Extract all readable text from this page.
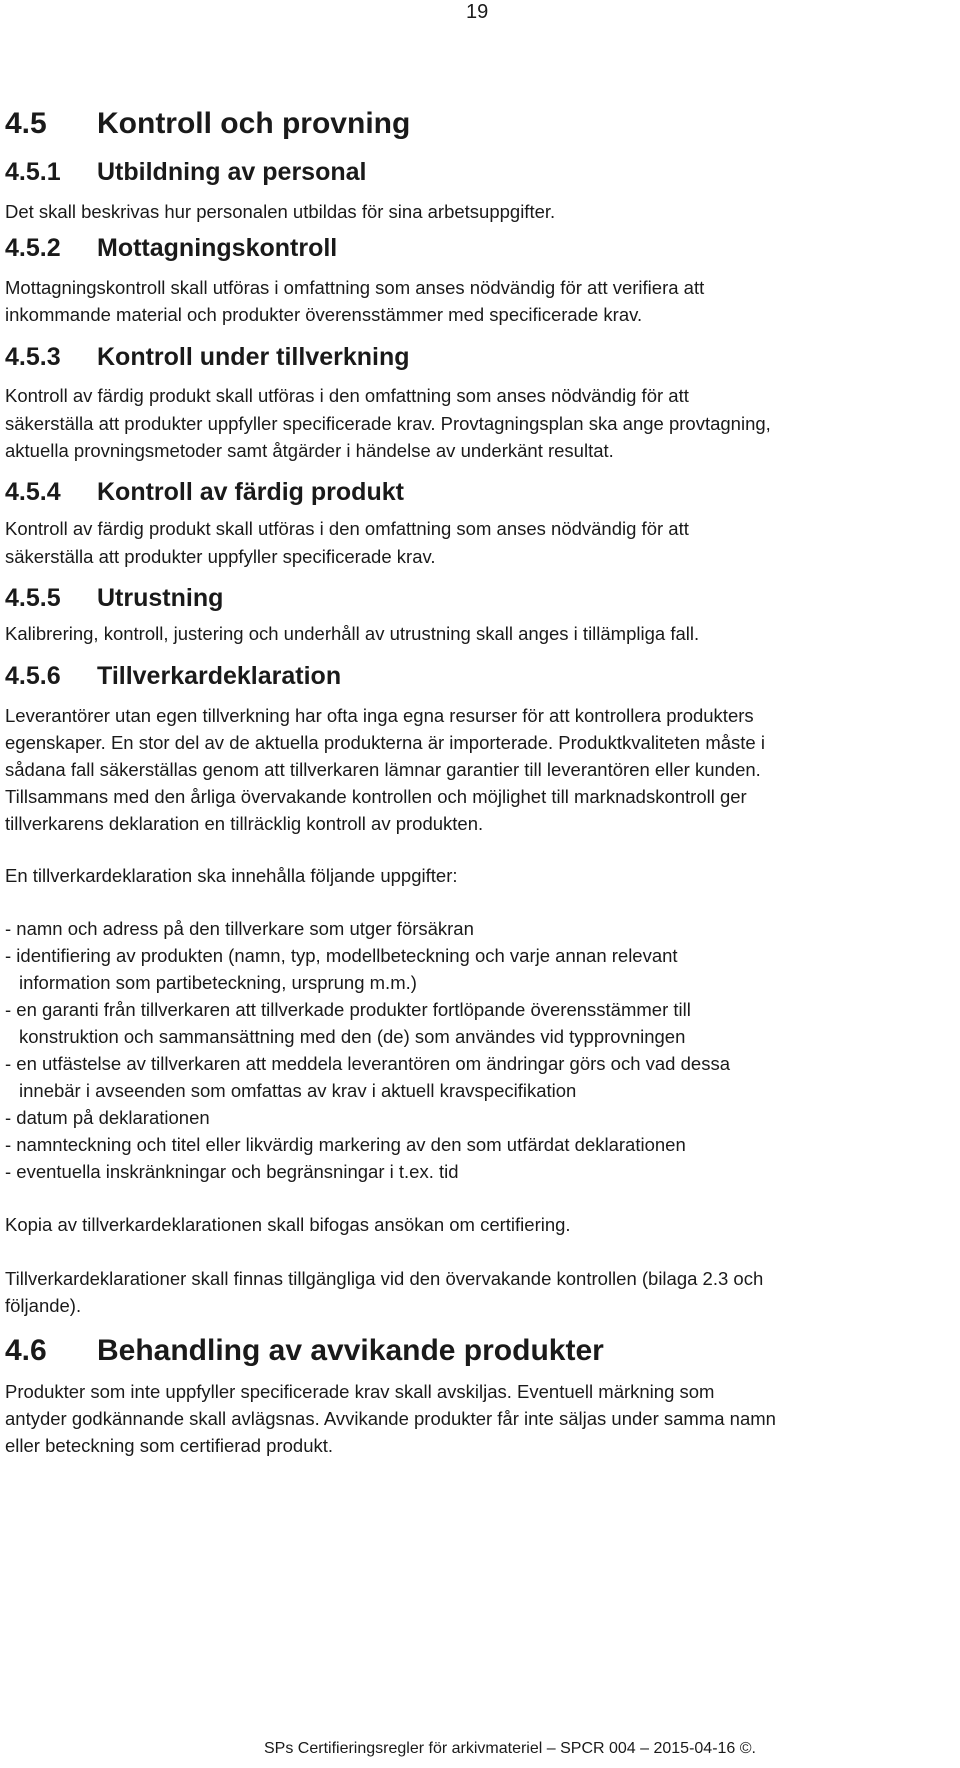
19
4.5 Kontroll och provning
4.5.1 Utbildning av personal
Det skall beskrivas hur personalen utbildas för sina arbetsuppgifter.
4.5.2 Mottagningskontroll
Mottagningskontroll skall utföras i omfattning som anses nödvändig för att verifiera att
inkommande material och produkter överensstämmer med specificerade krav.
4.5.3 Kontroll under tillverkning
Kontroll av färdig produkt skall utföras i den omfattning som anses nödvändig för att
säkerställa att produkter uppfyller specificerade krav. Provtagningsplan ska ange provtagning,
aktuella provningsmetoder samt åtgärder i händelse av underkänt resultat.
4.5.4 Kontroll av färdig produkt
Kontroll av färdig produkt skall utföras i den omfattning som anses nödvändig för att
säkerställa att produkter uppfyller specificerade krav.
4.5.5 Utrustning
Kalibrering, kontroll, justering och underhåll av utrustning skall anges i tillämpliga fall.
4.5.6 Tillverkardeklaration
Leverantörer utan egen tillverkning har ofta inga egna resurser för att kontrollera produkters
egenskaper. En stor del av de aktuella produkterna är importerade. Produktkvaliteten måste i
sådana fall säkerställas genom att tillverkaren lämnar garantier till leverantören eller kunden.
Tillsammans med den årliga övervakande kontrollen och möjlighet till marknadskontroll ger
tillverkarens deklaration en tillräcklig kontroll av produkten.
En tillverkardeklaration ska innehålla följande uppgifter:
- namn och adress på den tillverkare som utger försäkran
- identifiering av produkten (namn, typ, modellbeteckning och varje annan relevant
information som partibeteckning, ursprung m.m.)
- en garanti från tillverkaren att tillverkade produkter fortlöpande överensstämmer till
konstruktion och sammansättning med den (de) som användes vid typprovningen
- en utfästelse av tillverkaren att meddela leverantören om ändringar görs och vad dessa
innebär i avseenden som omfattas av krav i aktuell kravspecifikation
- datum på deklarationen
- namnteckning och titel eller likvärdig markering av den som utfärdat deklarationen
- eventuella inskränkningar och begränsningar i t.ex. tid
Kopia av tillverkardeklarationen skall bifogas ansökan om certifiering.
Tillverkardeklarationer skall finnas tillgängliga vid den övervakande kontrollen (bilaga 2.3 och
följande).
4.6 Behandling av avvikande produkter
Produkter som inte uppfyller specificerade krav skall avskiljas. Eventuell märkning som
antyder godkännande skall avlägsnas. Avvikande produkter får inte säljas under samma namn
eller beteckning som certifierad produkt.
SPs Certifieringsregler för arkivmateriel – SPCR 004 – 2015-04-16 ©.
